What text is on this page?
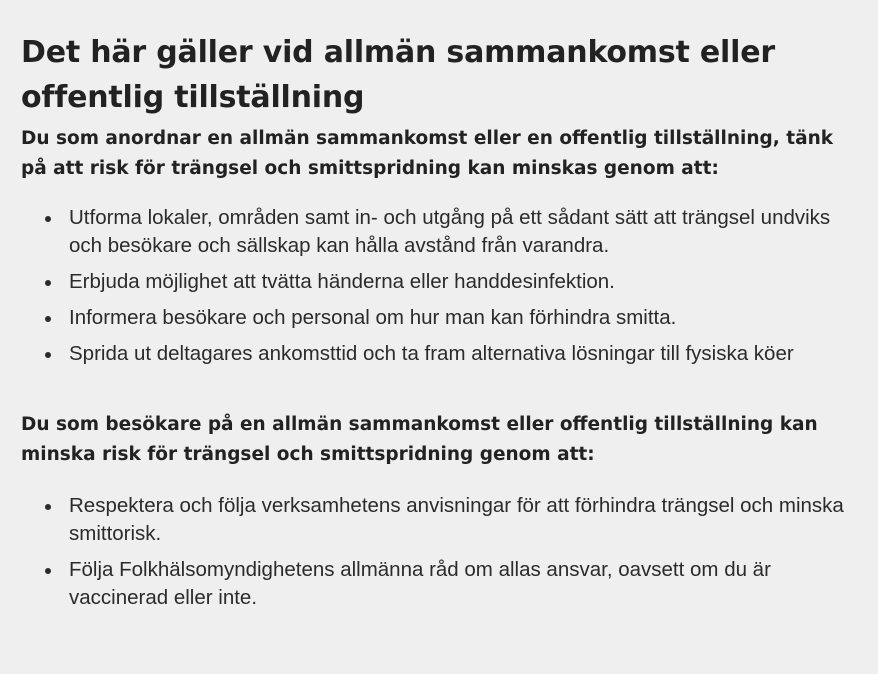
Det här gäller vid allmän sammankomst eller offentlig tillställning

Du som anordnar en allmän sammankomst eller en offentlig tillställning, tänk på att risk för trängsel och smittspridning kan minskas genom att:

Utforma lokaler, områden samt in- och utgång på ett sådant sätt att trängsel undviks och besökare och sällskap kan hålla avstånd från varandra.
Erbjuda möjlighet att tvätta händerna eller handdesinfektion.
Informera besökare och personal om hur man kan förhindra smitta.
Sprida ut deltagares ankomsttid och ta fram alternativa lösningar till fysiska köer

Du som besökare på en allmän sammankomst eller offentlig tillställning kan minska risk för trängsel och smittspridning genom att:

Respektera och följa verksamhetens anvisningar för att förhindra trängsel och minska smittorisk.
Följa Folkhälsomyndighetens allmänna råd om allas ansvar, oavsett om du är vaccinerad eller inte.
